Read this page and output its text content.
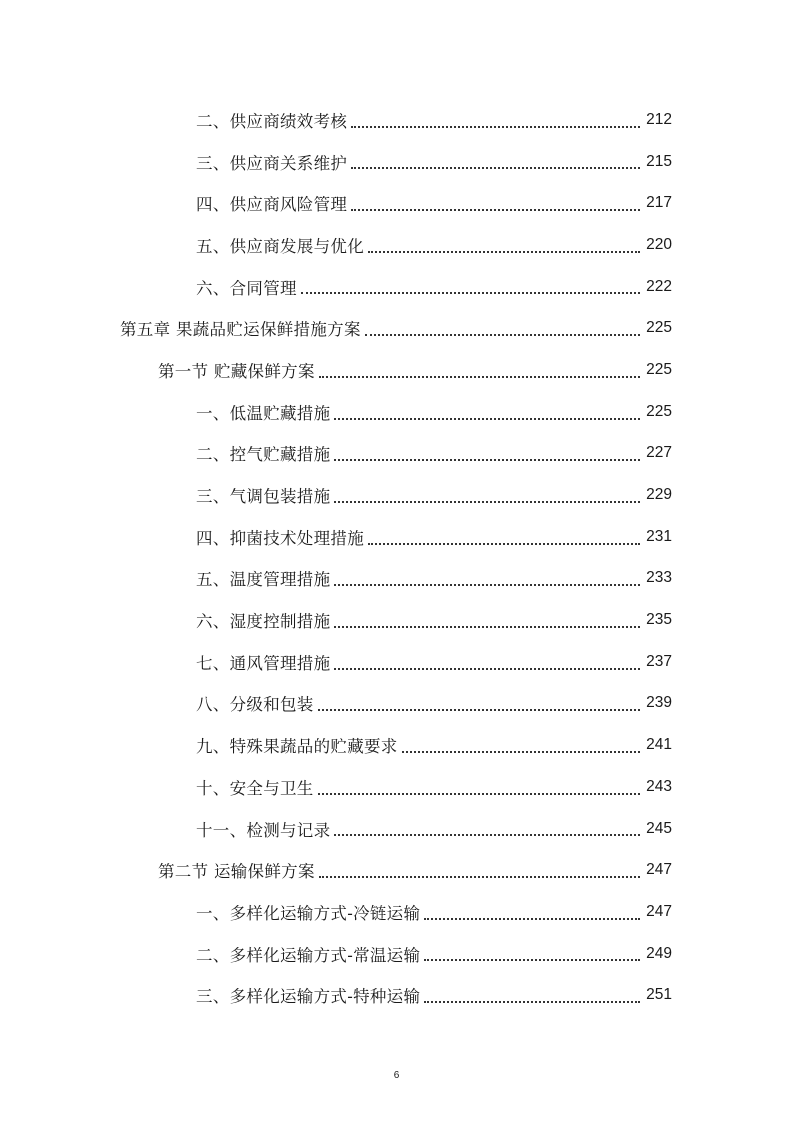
二、供应商绩效考核	212
三、供应商关系维护	215
四、供应商风险管理	217
五、供应商发展与优化	220
六、合同管理	222
第五章 果蔬品贮运保鲜措施方案	225
第一节 贮藏保鲜方案	225
一、低温贮藏措施	225
二、控气贮藏措施	227
三、气调包装措施	229
四、抑菌技术处理措施	231
五、温度管理措施	233
六、湿度控制措施	235
七、通风管理措施	237
八、分级和包装	239
九、特殊果蔬品的贮藏要求	241
十、安全与卫生	243
十一、检测与记录	245
第二节 运输保鲜方案	247
一、多样化运输方式-冷链运输	247
二、多样化运输方式-常温运输	249
三、多样化运输方式-特种运输	251
6
